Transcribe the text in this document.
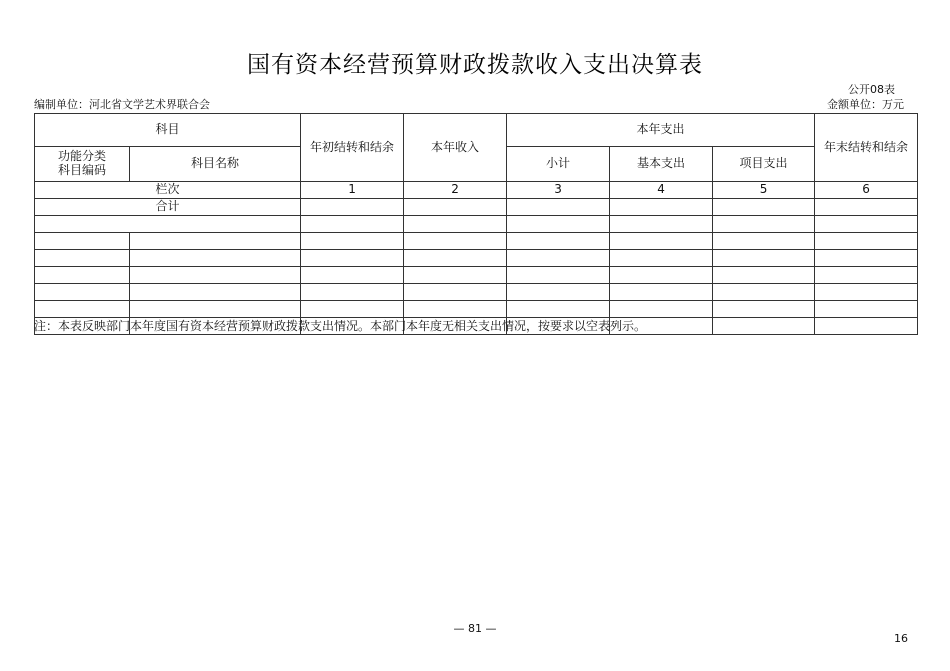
国有资本经营预算财政拨款收入支出决算表
公开08表
编制单位：河北省文学艺术界联合会	金额单位：万元
科目		年初结转和结余	本年收入	本年支出			年末结转和结余
功能分类科目编码	科目名称			小计	基本支出	项目支出	
栏次		1	2	3	4	5	6
合计							

注：本表反映部门本年度国有资本经营预算财政拨款支出情况。本部门本年度无相关支出情况，按要求以空表列示。
— 81 —
16
